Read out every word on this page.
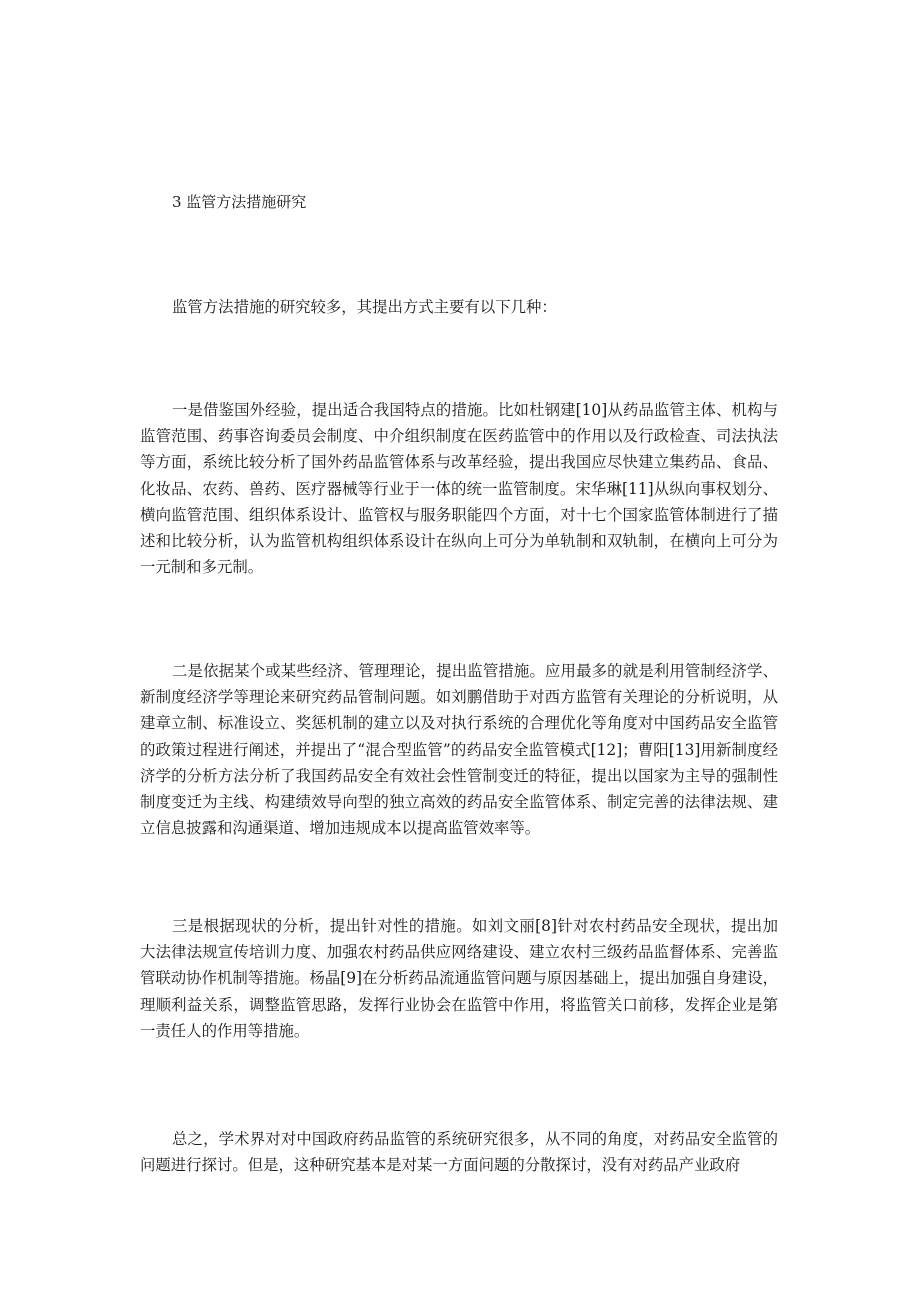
3 监管方法措施研究

监管方法措施的研究较多，其提出方式主要有以下几种：

一是借鉴国外经验，提出适合我国特点的措施。比如杜钢建[10]从药品监管主体、机构与监管范围、药事咨询委员会制度、中介组织制度在医药监管中的作用以及行政检查、司法执法等方面，系统比较分析了国外药品监管体系与改革经验，提出我国应尽快建立集药品、食品、化妆品、农药、兽药、医疗器械等行业于一体的统一监管制度。宋华琳[11]从纵向事权划分、横向监管范围、组织体系设计、监管权与服务职能四个方面，对十七个国家监管体制进行了描述和比较分析，认为监管机构组织体系设计在纵向上可分为单轨制和双轨制，在横向上可分为一元制和多元制。

二是依据某个或某些经济、管理理论，提出监管措施。应用最多的就是利用管制经济学、新制度经济学等理论来研究药品管制问题。如刘鹏借助于对西方监管有关理论的分析说明，从建章立制、标准设立、奖惩机制的建立以及对执行系统的合理优化等角度对中国药品安全监管的政策过程进行阐述，并提出了“混合型监管”的药品安全监管模式[12]；曹阳[13]用新制度经济学的分析方法分析了我国药品安全有效社会性管制变迁的特征，提出以国家为主导的强制性制度变迁为主线、构建绩效导向型的独立高效的药品安全监管体系、制定完善的法律法规、建立信息披露和沟通渠道、增加违规成本以提高监管效率等。

三是根据现状的分析，提出针对性的措施。如刘文丽[8]针对农村药品安全现状，提出加大法律法规宣传培训力度、加强农村药品供应网络建设、建立农村三级药品监督体系、完善监管联动协作机制等措施。杨晶[9]在分析药品流通监管问题与原因基础上，提出加强自身建设，理顺利益关系，调整监管思路，发挥行业协会在监管中作用，将监管关口前移，发挥企业是第一责任人的作用等措施。

总之，学术界对对中国政府药品监管的系统研究很多，从不同的角度，对药品安全监管的问题进行探讨。但是，这种研究基本是对某一方面问题的分散探讨，没有对药品产业政府
